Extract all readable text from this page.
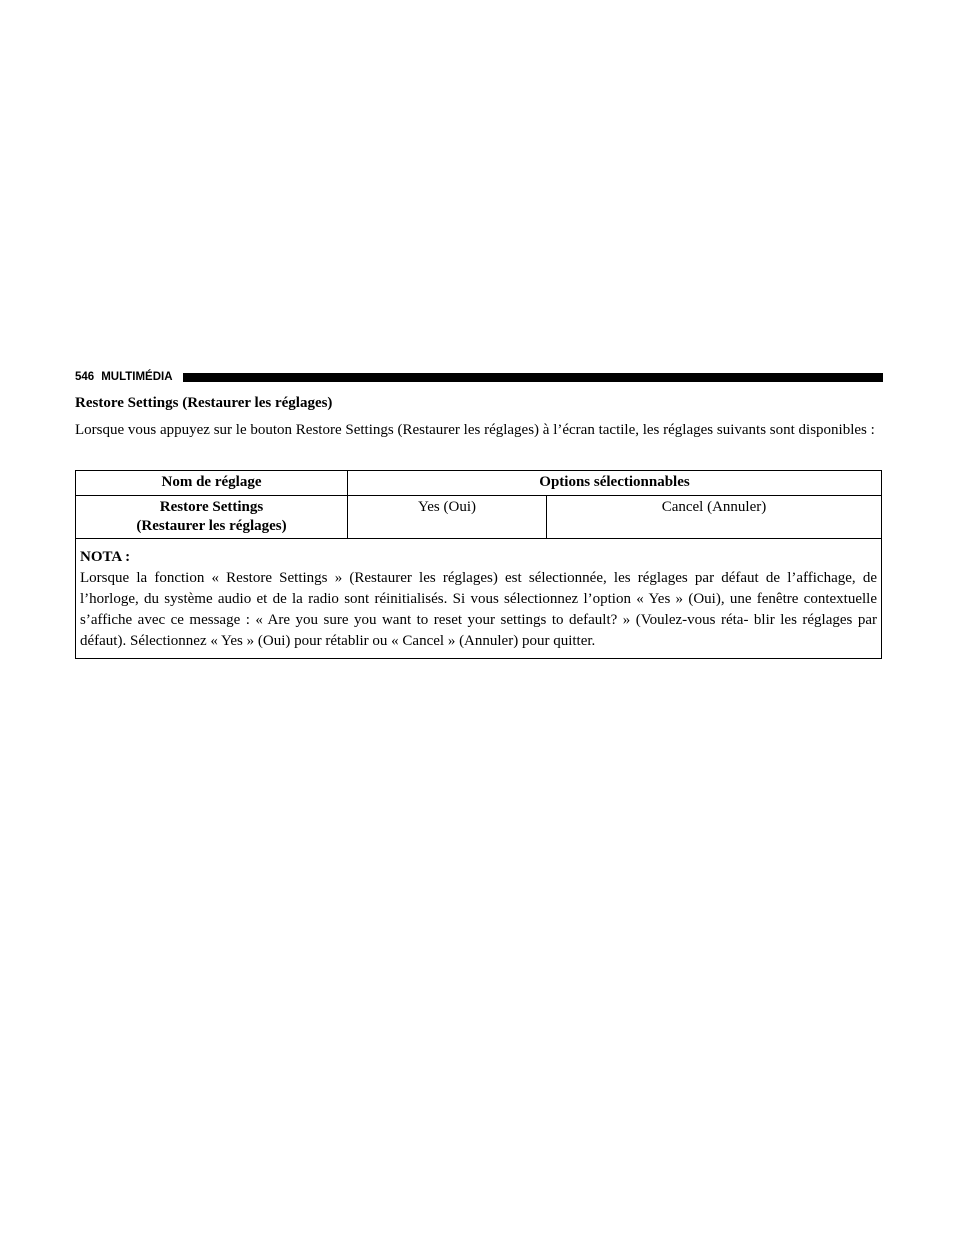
546 MULTIMÉDIA
Restore Settings (Restaurer les réglages)

Lorsque vous appuyez sur le bouton Restore Settings (Restaurer les réglages) à l’écran tactile, les réglages suivants sont disponibles :

Nom de réglage	Options sélectionnables	

Restore Settings
(Restaurer les réglages)	Yes (Oui)	Cancel (Annuler)

NOTA :
Lorsque la fonction « Restore Settings » (Restaurer les réglages) est sélectionnée, les réglages par défaut de l’affichage, de l’horloge, du système audio et de la radio sont réinitialisés. Si vous sélectionnez l’option « Yes » (Oui), une fenêtre contextuelle s’affiche avec ce message : « Are you sure you want to reset your settings to default? » (Voulez-vous réta- blir les réglages par défaut). Sélectionnez « Yes » (Oui) pour rétablir ou « Cancel » (Annuler) pour quitter.		
